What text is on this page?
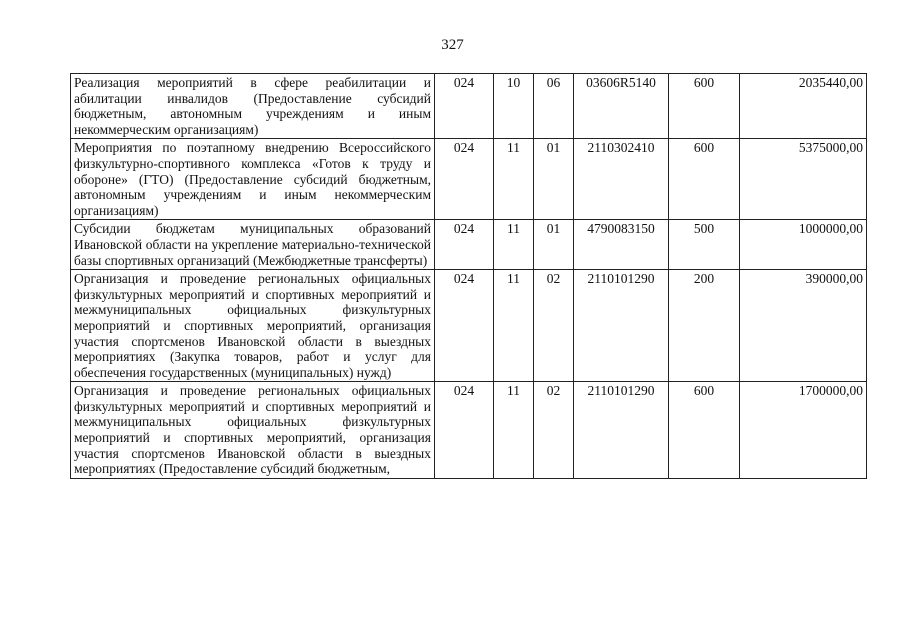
327
Реализация мероприятий в сфере реабилитации и абилитации инвалидов (Предоставление субсидий бюджетным, автономным учреждениям и иным некоммерческим организациям)	024	10	06	03606R5140	600	2035440,00
Мероприятия по поэтапному внедрению Всероссийского физкультурно-спортивного комплекса «Готов к труду и обороне» (ГТО) (Предоставление субсидий бюджетным, автономным учреждениям и иным некоммерческим организациям)	024	11	01	2110302410	600	5375000,00
Субсидии бюджетам муниципальных образований Ивановской области на укрепление материально-технической базы спортивных организаций (Межбюджетные трансферты)	024	11	01	4790083150	500	1000000,00
Организация и проведение региональных официальных физкультурных мероприятий и спортивных мероприятий и межмуниципальных официальных физкультурных мероприятий и спортивных мероприятий, организация участия спортсменов Ивановской области в выездных мероприятиях (Закупка товаров, работ и услуг для обеспечения государственных (муниципальных) нужд)	024	11	02	2110101290	200	390000,00
Организация и проведение региональных официальных физкультурных мероприятий и спортивных мероприятий и межмуниципальных официальных физкультурных мероприятий и спортивных мероприятий, организация участия спортсменов Ивановской области в выездных мероприятиях (Предоставление субсидий бюджетным,	024	11	02	2110101290	600	1700000,00
